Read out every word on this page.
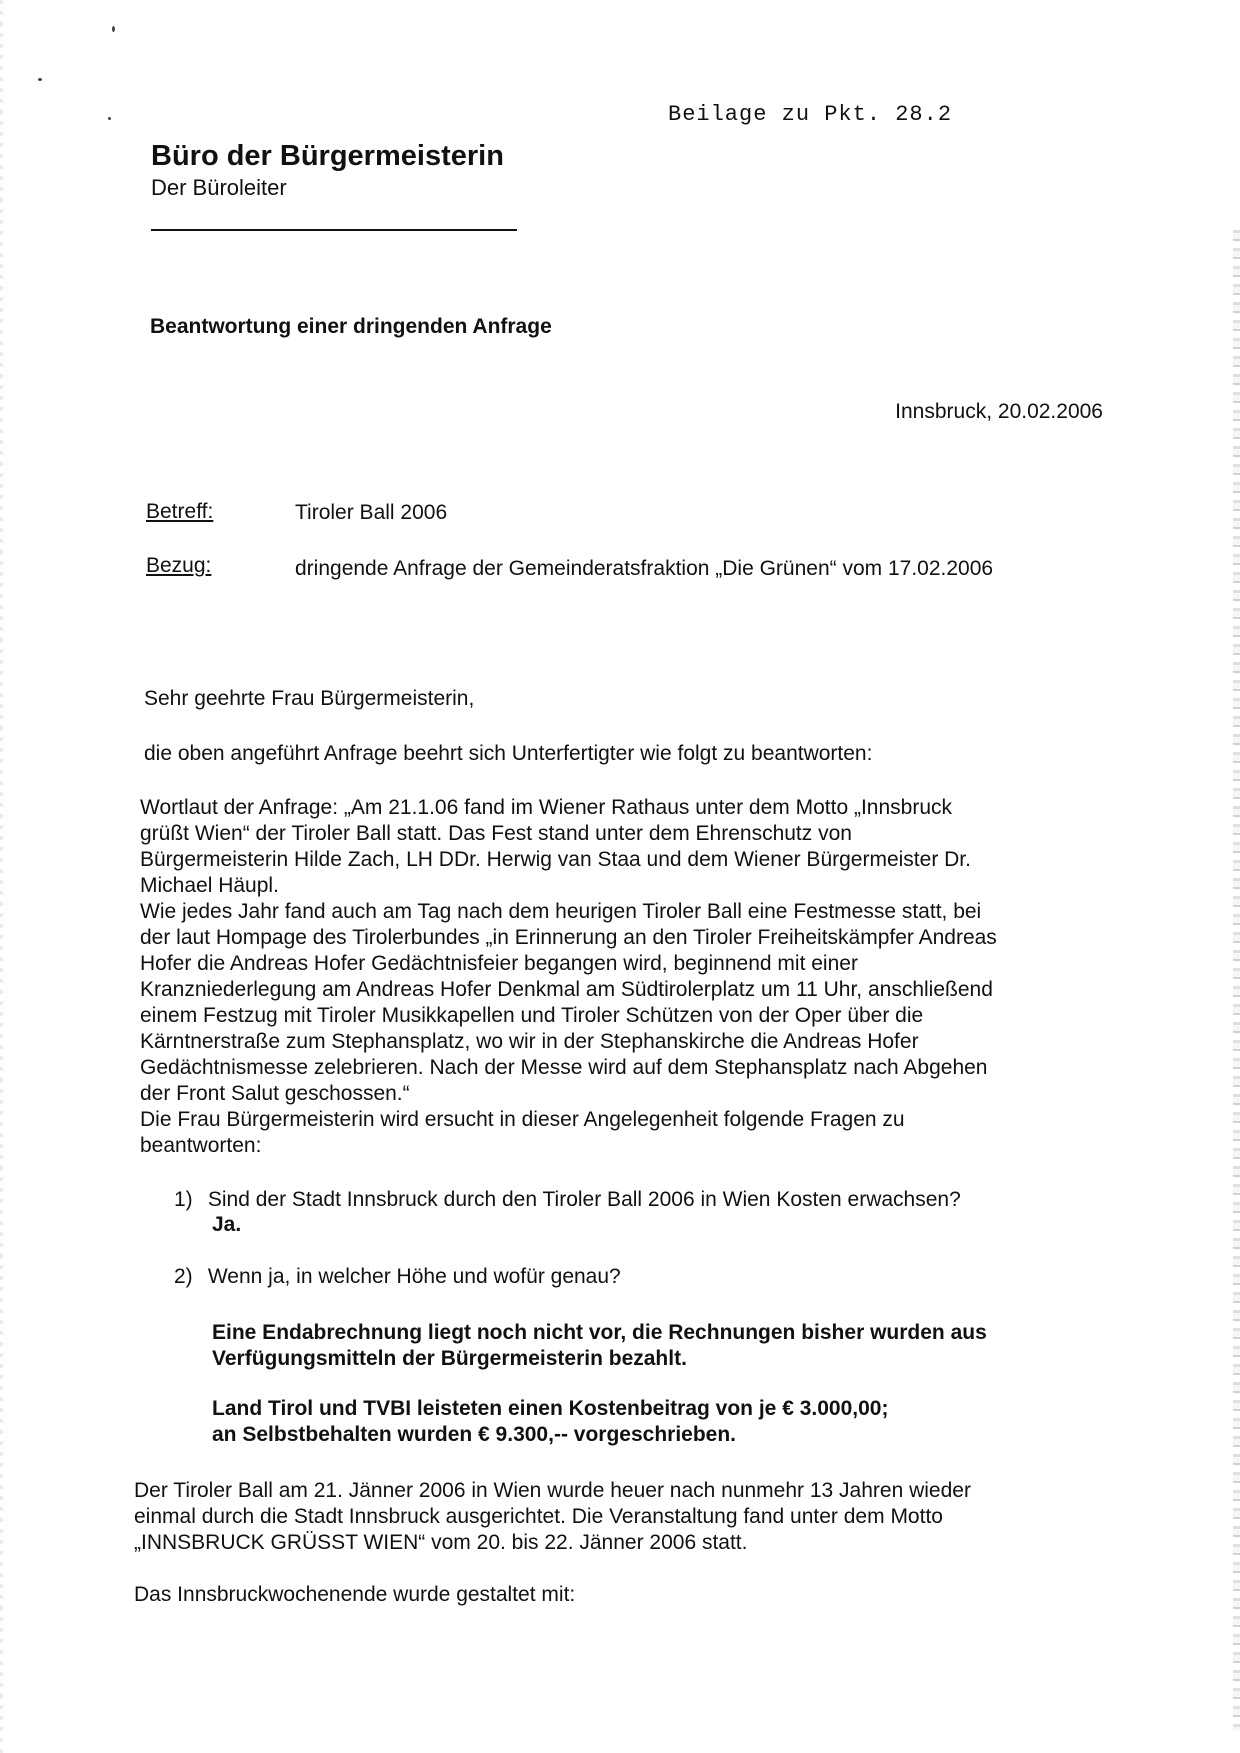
Beilage zu Pkt. 28.2
Büro der Bürgermeisterin
Der Büroleiter
Beantwortung einer dringenden Anfrage
Innsbruck, 20.02.2006
Betreff:	Tiroler Ball 2006
Bezug:	dringende Anfrage der Gemeinderatsfraktion „Die Grünen“ vom 17.02.2006
Sehr geehrte Frau Bürgermeisterin,
die oben angeführt Anfrage beehrt sich Unterfertigter wie folgt zu beantworten:
Wortlaut der Anfrage: „Am 21.1.06 fand im Wiener Rathaus unter dem Motto „Innsbruck
grüßt Wien“ der Tiroler Ball statt. Das Fest stand unter dem Ehrenschutz von
Bürgermeisterin Hilde Zach, LH DDr. Herwig van Staa und dem Wiener Bürgermeister Dr.
Michael Häupl.
Wie jedes Jahr fand auch am Tag nach dem heurigen Tiroler Ball eine Festmesse statt, bei
der laut Hompage des Tirolerbundes „in Erinnerung an den Tiroler Freiheitskämpfer Andreas
Hofer die Andreas Hofer Gedächtnisfeier begangen wird, beginnend mit einer
Kranzniederlegung am Andreas Hofer Denkmal am Südtirolerplatz um 11 Uhr, anschließend
einem Festzug mit Tiroler Musikkapellen und Tiroler Schützen von der Oper über die
Kärntnerstraße zum Stephansplatz, wo wir in der Stephanskirche die Andreas Hofer
Gedächtnismesse zelebrieren. Nach der Messe wird auf dem Stephansplatz nach Abgehen
der Front Salut geschossen.“
Die Frau Bürgermeisterin wird ersucht in dieser Angelegenheit folgende Fragen zu
beantworten:
1) Sind der Stadt Innsbruck durch den Tiroler Ball 2006 in Wien Kosten erwachsen?
Ja.
2) Wenn ja, in welcher Höhe und wofür genau?
Eine Endabrechnung liegt noch nicht vor, die Rechnungen bisher wurden aus
Verfügungsmitteln der Bürgermeisterin bezahlt.
Land Tirol und TVBI leisteten einen Kostenbeitrag von je € 3.000,00;
an Selbstbehalten wurden € 9.300,-- vorgeschrieben.
Der Tiroler Ball am 21. Jänner 2006 in Wien wurde heuer nach nunmehr 13 Jahren wieder
einmal durch die Stadt Innsbruck ausgerichtet. Die Veranstaltung fand unter dem Motto
„INNSBRUCK GRÜSST WIEN“ vom 20. bis 22. Jänner 2006 statt.
Das Innsbruckwochenende wurde gestaltet mit:
